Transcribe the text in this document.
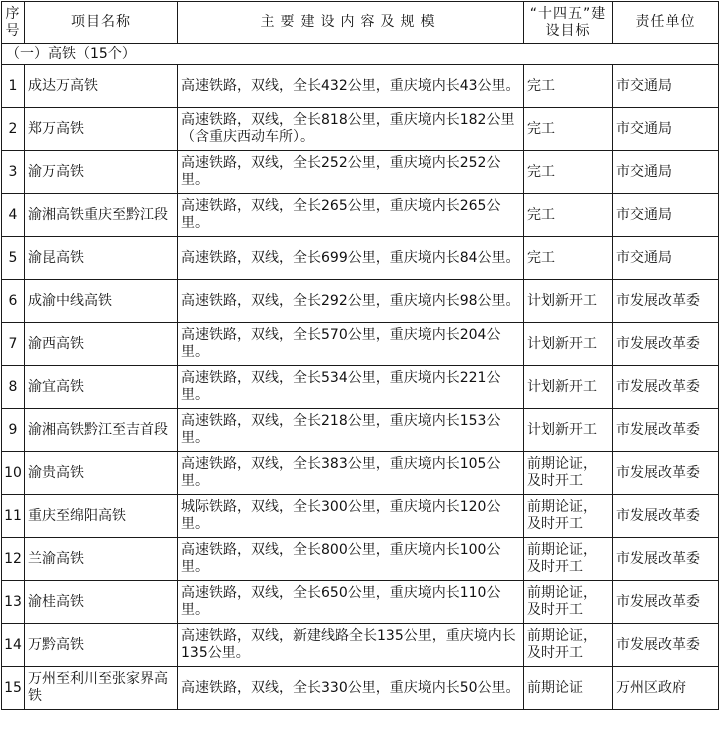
序号	项目名称	主要建设内容及规模	“十四五”建设目标	责任单位
（一）高铁（15个）				
1	成达万高铁	高速铁路，双线，全长432公里，重庆境内长43公里。	完工	市交通局
2	郑万高铁	高速铁路，双线，全长818公里，重庆境内长182公里（含重庆西动车所）。	完工	市交通局
3	渝万高铁	高速铁路，双线，全长252公里，重庆境内长252公里。	完工	市交通局
4	渝湘高铁重庆至黔江段	高速铁路，双线，全长265公里，重庆境内长265公里。	完工	市交通局
5	渝昆高铁	高速铁路，双线，全长699公里，重庆境内长84公里。	完工	市交通局
6	成渝中线高铁	高速铁路，双线，全长292公里，重庆境内长98公里。	计划新开工	市发展改革委
7	渝西高铁	高速铁路，双线，全长570公里，重庆境内长204公里。	计划新开工	市发展改革委
8	渝宜高铁	高速铁路，双线，全长534公里，重庆境内长221公里。	计划新开工	市发展改革委
9	渝湘高铁黔江至吉首段	高速铁路，双线，全长218公里，重庆境内长153公里。	计划新开工	市发展改革委
10	渝贵高铁	高速铁路，双线，全长383公里，重庆境内长105公里。	前期论证，及时开工	市发展改革委
11	重庆至绵阳高铁	城际铁路，双线，全长300公里，重庆境内长120公里。	前期论证，及时开工	市发展改革委
12	兰渝高铁	高速铁路，双线，全长800公里，重庆境内长100公里。	前期论证，及时开工	市发展改革委
13	渝桂高铁	高速铁路，双线，全长650公里，重庆境内长110公里。	前期论证，及时开工	市发展改革委
14	万黔高铁	高速铁路，双线，新建线路全长135公里，重庆境内长135公里。	前期论证，及时开工	市发展改革委
15	万州至利川至张家界高铁	高速铁路，双线，全长330公里，重庆境内长50公里。	前期论证	万州区政府
